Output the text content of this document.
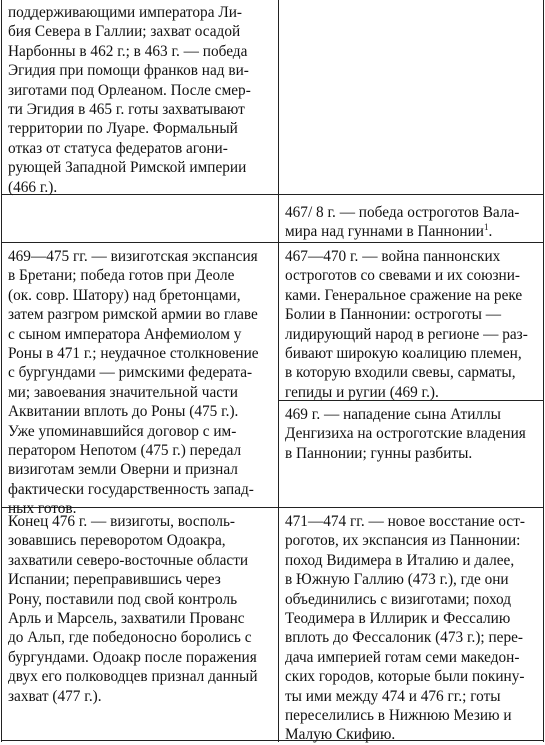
поддерживающими императора Ли-
бия Севера в Галлии; захват осадой
Нарбонны в 462 г.; в 463 г. — победа
Эгидия при помощи франков над ви-
зиготами под Орлеаном. После смер-
ти Эгидия в 465 г. готы захватывают
территории по Луаре. Формальный
отказ от статуса федератов агони-
рующей Западной Римской империи
(466 г.).
467/ 8 г. — победа остроготов Вала-
мира над гуннами в Паннонии$^1$.
469—475 гг. — визиготская экспансия
в Бретани; победа готов при Деоле
(ок. совр. Шатору) над бретонцами,
затем разгром римской армии во главе
с сыном императора Анфемиолом у
Роны в 471 г.; неудачное столкновение
с бургундами — римскими федерата-
ми; завоевания значительной части
Аквитании вплоть до Роны (475 г.).
Уже упоминавшийся договор с им-
ператором Непотом (475 г.) передал
визиготам земли Оверни и признал
фактически государственность запад-
ных готов.
467—470 г. — война паннонских
остроготов со свевами и их союзни-
ками. Генеральное сражение на реке
Болии в Паннонии: остроготы —
лидирующий народ в регионе — раз-
бивают широкую коалицию племен,
в которую входили свевы, сарматы,
гепиды и ругии (469 г.).
469 г. — нападение сына Атиллы
Денгизиха на остроготские владения
в Паннонии; гунны разбиты.
Конец 476 г. — визиготы, восполь-
зовавшись переворотом Одоакра,
захватили северо-восточные области
Испании; переправившись через
Рону, поставили под свой контроль
Арль и Марсель, захватили Прованс
до Альп, где победоносно боролись с
бургундами. Одоакр после поражения
двух его полководцев признал данный
захват (477 г.).
471—474 гг. — новое восстание ост-
роготов, их экспансия из Паннонии:
поход Видимера в Италию и далее,
в Южную Галлию (473 г.), где они
объединились с визиготами; поход
Теодимера в Иллирик и Фессалию
вплоть до Фессалоник (473 г.); пере-
дача империей готам семи македон-
ских городов, которые были покину-
ты ими между 474 и 476 гг.; готы
переселились в Нижнюю Мезию и
Малую Скифию.
